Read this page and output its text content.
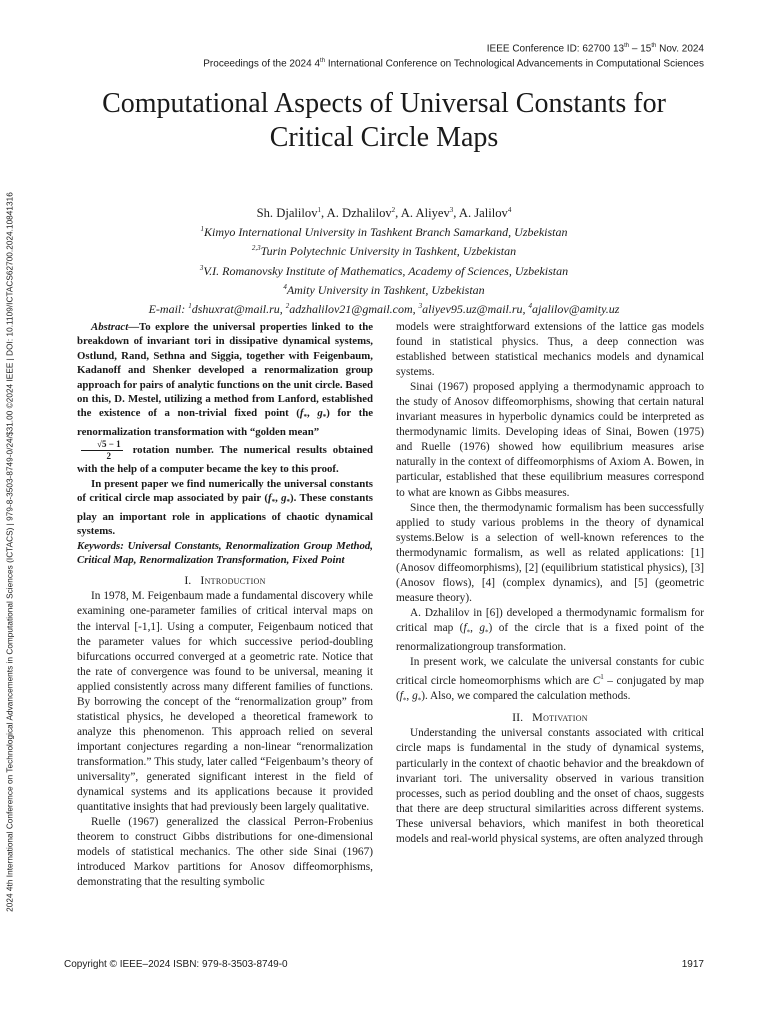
IEEE Conference ID: 62700 13th – 15th Nov. 2024
Proceedings of the 2024 4th International Conference on Technological Advancements in Computational Sciences
2024 4th International Conference on Technological Advancements in Computational Sciences (ICTACS) | 979-8-3503-8749-0/24/$31.00 ©2024 IEEE | DOI: 10.1109/ICTACS62700.2024.10841316
Computational Aspects of Universal Constants for
Critical Circle Maps
Sh. Djalilov$^1$, A. Dzhalilov$^2$, A. Aliyev$^3$, A. Jalilov$^4$
$^1$Kimyo International University in Tashkent Branch Samarkand, Uzbekistan
$^{2,3}$Turin Polytechnic University in Tashkent, Uzbekistan
$^3$V.I. Romanovsky Institute of Mathematics, Academy of Sciences, Uzbekistan
$^4$Amity University in Tashkent, Uzbekistan
E-mail: $^1$dshuxrat@mail.ru, $^2$adzhalilov21@gmail.com, $^3$aliyev95.uz@mail.ru, $^4$ajalilov@amity.uz

Abstract—To explore the universal properties linked to the breakdown of invariant tori in dissipative dynamical systems, Ostlund, Rand, Sethna and Siggia, together with Feigenbaum, Kadanoff and Shenker developed a renormalization group approach for pairs of analytic functions on the unit circle. Based on this, D. Mestel, utilizing a method from Lanford, established the existence of a non-trivial fixed point ($f_*$, $g_*$) for the renormalization transformation with “golden mean”

$\frac{√5 - 1}{2}$ rotation number. The numerical results obtained with the help of a computer became the key to this proof.

In present paper we find numerically the universal constants of critical circle map associated by pair ($f_*$, $g_*$). These constants play an important role in applications of chaotic dynamical systems.

Keywords: Universal Constants, Renormalization Group Method, Critical Map, Renormalization Transformation, Fixed Point

I. Introduction

In 1978, M. Feigenbaum made a fundamental discovery while examining one-parameter families of critical interval maps on the interval [-1,1]. Using a computer, Feigenbaum noticed that the parameter values for which successive period-doubling bifurcations occurred converged at a geometric rate. Notice that the rate of convergence was found to be universal, meaning it applied consistently across many different families of functions. By borrowing the concept of the “renormalization group” from statistical physics, he developed a theoretical framework to analyze this phenomenon. This approach relied on several important conjectures regarding a non-linear “renormalization transformation.” This study, later called “Feigenbaum’s theory of universality”, generated significant interest in the field of dynamical systems and its applications because it provided quantitative insights that had previously been largely qualitative.

Ruelle (1967) generalized the classical Perron-Frobenius theorem to construct Gibbs distributions for one-dimensional models of statistical mechanics. The other side Sinai (1967) introduced Markov partitions for Anosov diffeomorphisms, demonstrating that the resulting symbolic

models were straightforward extensions of the lattice gas models found in statistical physics. Thus, a deep connection was established between statistical mechanics models and dynamical systems.

Sinai (1967) proposed applying a thermodynamic approach to the study of Anosov diffeomorphisms, showing that certain natural invariant measures in hyperbolic dynamics could be interpreted as thermodynamic limits. Developing ideas of Sinai, Bowen (1975) and Ruelle (1976) showed how equilibrium measures arise naturally in the context of diffeomorphisms of Axiom A. Bowen, in particular, established that these equilibrium measures correspond to what are known as Gibbs measures.

Since then, the thermodynamic formalism has been successfully applied to study various problems in the theory of dynamical systems.Below is a selection of well-known references to the thermodynamic formalism, as well as related applications: [1] (Anosov diffeomorphisms), [2] (equilibrium statistical physics), [3] (Anosov flows), [4] (complex dynamics), and [5] (geometric measure theory).

A. Dzhalilov in [6]) developed a thermodynamic formalism for critical map ($f_*$, $g_*$) of the circle that is a fixed point of the renormalizationgroup transformation.

In present work, we calculate the universal constants for cubic critical circle homeomorphisms which are $C^1$ – conjugated by map ($f_*$, $g_*$). Also, we compared the calculation methods.

II. Motivation

Understanding the universal constants associated with critical circle maps is fundamental in the study of dynamical systems, particularly in the context of chaotic behavior and the breakdown of invariant tori. The universality observed in various transition processes, such as period doubling and the onset of chaos, suggests that there are deep structural similarities across different systems. These universal behaviors, which manifest in both theoretical models and real-world physical systems, are often analyzed through

Copyright © IEEE–2024 ISBN: 979-8-3503-8749-0	1917
